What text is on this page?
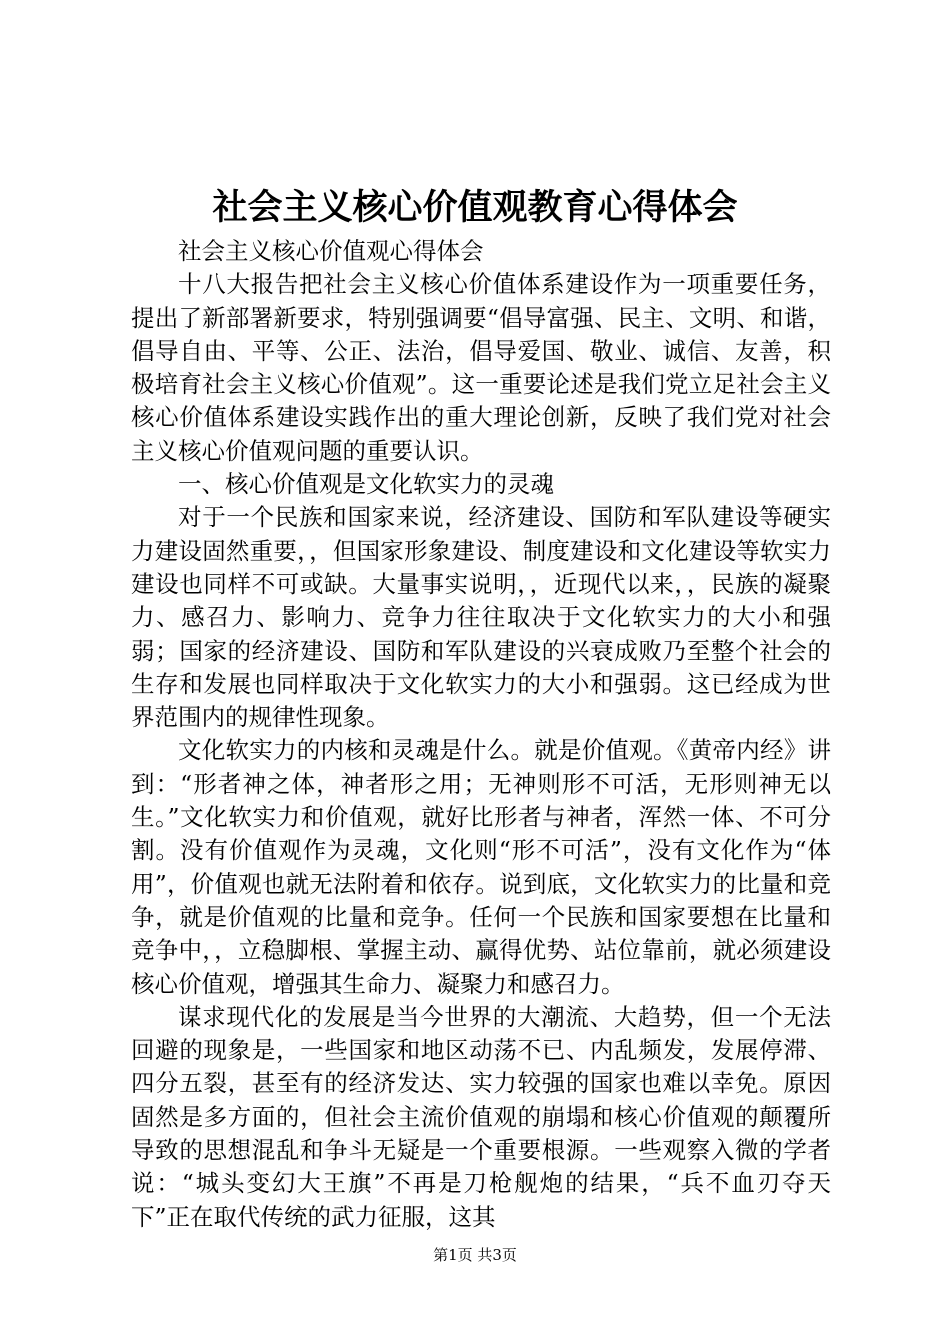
社会主义核心价值观教育心得体会

社会主义核心价值观心得体会

十八大报告把社会主义核心价值体系建设作为一项重要任务，提出了新部署新要求，特别强调要“倡导富强、民主、文明、和谐，倡导自由、平等、公正、法治，倡导爱国、敬业、诚信、友善，积极培育社会主义核心价值观”。这一重要论述是我们党立足社会主义核心价值体系建设实践作出的重大理论创新，反映了我们党对社会主义核心价值观问题的重要认识。

一、核心价值观是文化软实力的灵魂

对于一个民族和国家来说，经济建设、国防和军队建设等硬实力建设固然重要，，但国家形象建设、制度建设和文化建设等软实力建设也同样不可或缺。大量事实说明，，近现代以来，，民族的凝聚力、感召力、影响力、竞争力往往取决于文化软实力的大小和强弱；国家的经济建设、国防和军队建设的兴衰成败乃至整个社会的生存和发展也同样取决于文化软实力的大小和强弱。这已经成为世界范围内的规律性现象。

文化软实力的内核和灵魂是什么。就是价值观。《黄帝内经》讲到：“形者神之体，神者形之用；无神则形不可活，无形则神无以生。”文化软实力和价值观，就好比形者与神者，浑然一体、不可分割。没有价值观作为灵魂，文化则“形不可活”，没有文化作为“体用”，价值观也就无法附着和依存。说到底，文化软实力的比量和竞争，就是价值观的比量和竞争。任何一个民族和国家要想在比量和竞争中，，立稳脚根、掌握主动、赢得优势、站位靠前，就必须建设核心价值观，增强其生命力、凝聚力和感召力。

谋求现代化的发展是当今世界的大潮流、大趋势，但一个无法回避的现象是，一些国家和地区动荡不已、内乱频发，发展停滞、四分五裂，甚至有的经济发达、实力较强的国家也难以幸免。原因固然是多方面的，但社会主流价值观的崩塌和核心价值观的颠覆所导致的思想混乱和争斗无疑是一个重要根源。一些观察入微的学者说：“城头变幻大王旗”不再是刀枪舰炮的结果，“兵不血刃夺天下”正在取代传统的武力征服，这其

第1页 共3页
